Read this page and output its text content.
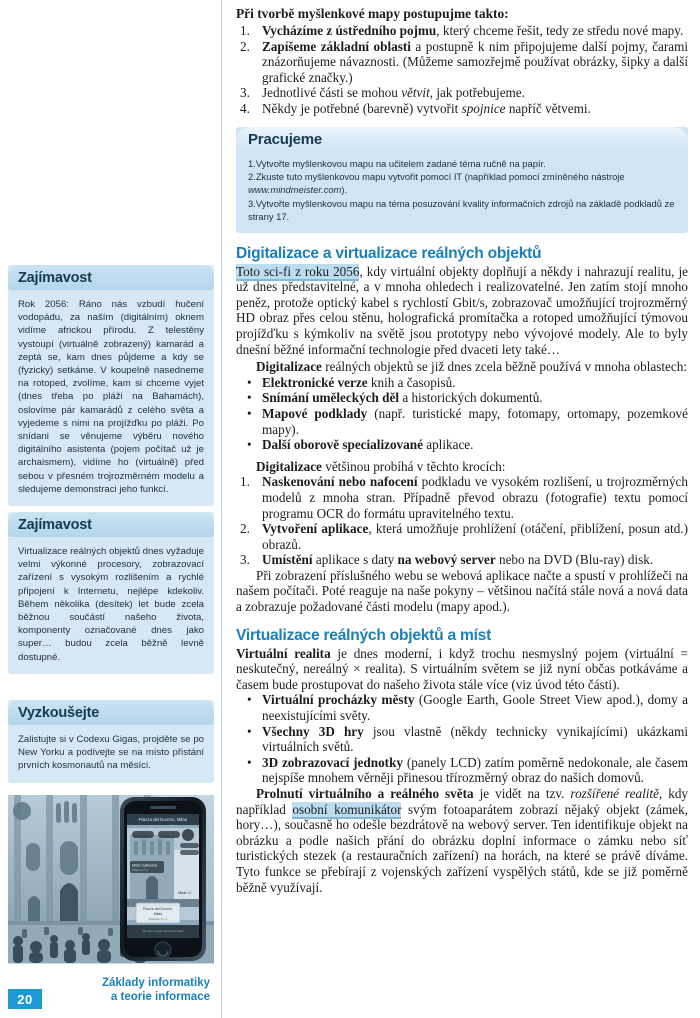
Zajímavost
Rok 2056: Ráno nás vzbudí hučení vodopádu, za naším (digitálním) oknem vidíme africkou přírodu. Z telestěny vystoupí (virtuálně zobrazený) kamarád a zeptá se, kam dnes půjdeme a kdy se (fyzicky) setkáme. V koupelně nasedneme na rotoped, zvolíme, kam si chceme vyjet (dnes třeba po pláži na Bahamách), oslovíme pár kamarádů z celého světa a vyjedeme s nimi na projížďku po pláži. Po snídani se věnujeme výběru nového digitálního asistenta (pojem počítač už je archaismem), vidíme ho (virtuálně) před sebou v přesném trojrozměrném modelu a sledujeme demonstraci jeho funkcí.
Zajímavost
Virtualizace reálných objektů dnes vyžaduje velmi výkonné procesory, zobrazovací zařízení s vysokým rozlišením a rychlé připojení k Internetu, nejlépe kdekoliv. Během několika (desítek) let bude zcela běžnou součástí našeho života, komponenty označované dnes jako super… budou zcela běžně levně dostupné.
Vyzkoušejte
Zalistujte si v Codexu Gigas, projděte se po New Yorku a podívejte se na místo přistání prvních kosmonautů na měsíci.
Piazza del Duomo, Milan
with accuracy 10 m
Milan Cathedral
distance 17 m
Milan C
Piazza del Duomo,
Milan
distance 17 m
Tap here to load more information
20
Základy informatiky
a teorie informace
Při tvorbě myšlenkové mapy postupujme takto:
1. Vycházíme z ústředního pojmu, který chceme řešit, tedy ze středu nové mapy.
2. Zapíšeme základní oblasti a postupně k nim připojujeme další pojmy, čarami znázorňujeme návaznosti. (Můžeme samozřejmě používat obrázky, šipky a další grafické značky.)
3. Jednotlivé části se mohou větvit, jak potřebujeme.
4. Někdy je potřebné (barevně) vytvořit spojnice napříč větvemi.
Pracujeme
1.Vytvořte myšlenkovou mapu na učitelem zadané téma ručně na papír.
2.Zkuste tuto myšlenkovou mapu vytvořit pomocí IT (například pomocí zmíněného nástroje www.mindmeister.com).
3.Vytvořte myšlenkovou mapu na téma posuzování kvality informačních zdrojů na základě podkladů ze strany 17.
Digitalizace a virtualizace reálných objektů

Toto sci-fi z roku 2056, kdy virtuální objekty doplňují a někdy i nahrazují realitu, je už dnes představitelné, a v mnoha ohledech i realizovatelné. Jen zatím stojí mnoho peněz, protože optický kabel s rychlostí Gbit/s, zobrazovač umožňující trojrozměrný HD obraz přes celou stěnu, holografická promítačka a rotoped umožňující týmovou projížďku s kýmkoliv na světě jsou prototypy nebo vývojové modely. Ale to byly dnešní běžné informační technologie před dvaceti lety také…

Digitalizace reálných objektů se již dnes zcela běžně používá v mnoha oblastech:

• Elektronické verze knih a časopisů.
• Snímání uměleckých děl a historických dokumentů.
• Mapové podklady (např. turistické mapy, fotomapy, ortomapy, pozemkové mapy).
• Další oborově specializované aplikace.

Digitalizace většinou probíhá v těchto krocích:

1. Naskenování nebo nafocení podkladu ve vysokém rozlišení, u trojrozměrných modelů z mnoha stran. Případně převod obrazu (fotografie) textu pomocí programu OCR do formátu upravitelného textu.
2. Vytvoření aplikace, která umožňuje prohlížení (otáčení, přiblížení, posun atd.) obrazů.
3. Umístění aplikace s daty na webový server nebo na DVD (Blu-ray) disk.

Při zobrazení příslušného webu se webová aplikace načte a spustí v prohlížeči na našem počítači. Poté reaguje na naše pokyny – většinou načítá stále nová a nová data a zobrazuje požadované části modelu (mapy apod.).

Virtualizace reálných objektů a míst

Virtuální realita je dnes moderní, i když trochu nesmyslný pojem (virtuální = neskutečný, nereálný × realita). S virtuálním světem se již nyní občas potkáváme a časem bude prostupovat do našeho života stále více (viz úvod této části).

• Virtuální procházky městy (Google Earth, Goole Street View apod.), domy a neexistujícími světy.
• Všechny 3D hry jsou vlastně (někdy technicky vynikajícími) ukázkami virtuálních světů.
• 3D zobrazovací jednotky (panely LCD) zatím poměrně nedokonale, ale časem nejspíše mnohem věrněji přinesou třírozměrný obraz do našich domovů.

Prolnutí virtuálního a reálného světa je vidět na tzv. rozšířené realitě, kdy například osobní komunikátor svým fotoaparátem zobrazí nějaký objekt (zámek, hory…), současně ho odešle bezdrátově na webový server. Ten identifikuje objekt na obrázku a podle našich přání do obrázku doplní informace o zámku nebo síť turistických stezek (a restauračních zařízení) na horách, na které se právě díváme. Tyto funkce se přebírají z vojenských zařízení vyspělých států, kde se již poměrně běžně využívají.
